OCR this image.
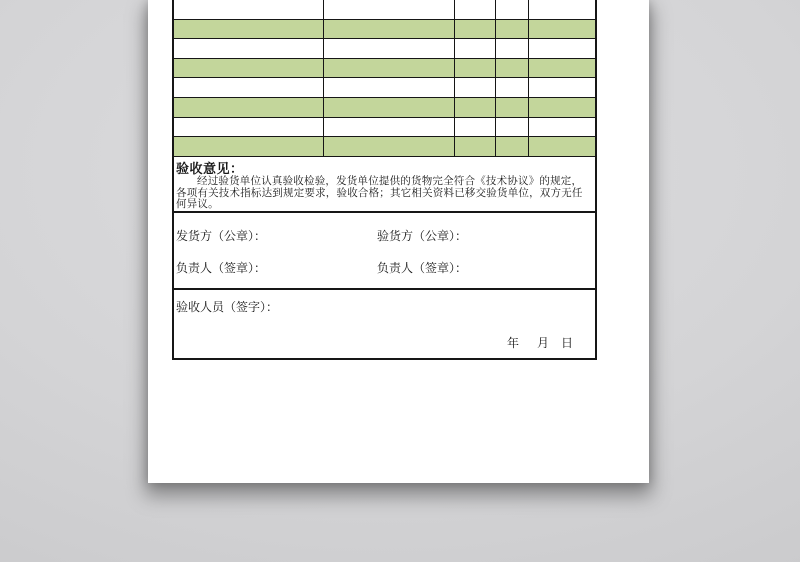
验收意见：

经过验货单位认真验收检验，发货单位提供的货物完全符合《技术协议》的规定，各项有关技术指标达到规定要求，验收合格；其它相关资料已移交验货单位，双方无任何异议。

发货方（公章）：	验货方（公章）：
负责人（签章）：	负责人（签章）：
验收人员（签字）：
年      月    日
